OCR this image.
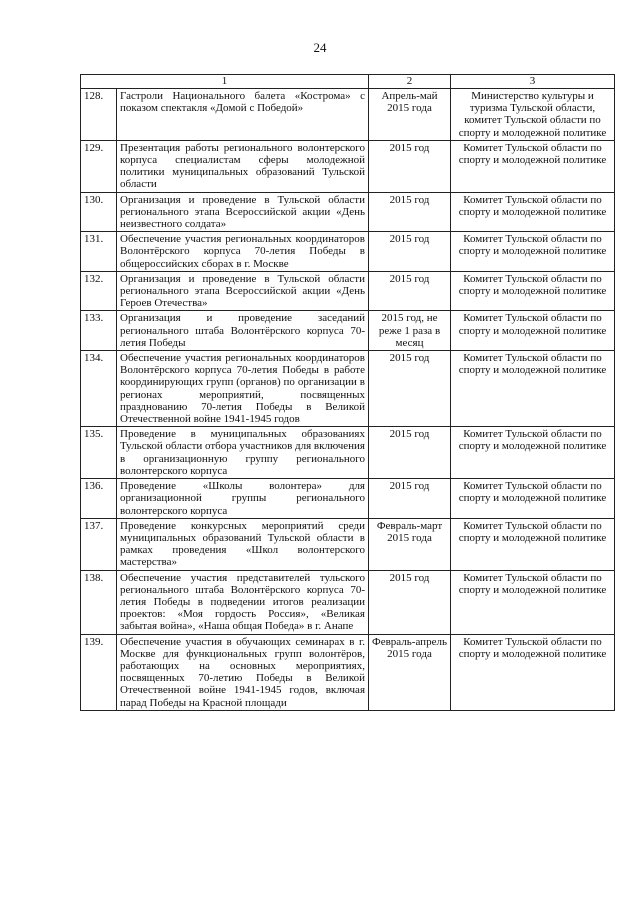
24
1		2	3
128.	Гастроли Национального балета «Кострома» с показом спектакля «Домой с Победой»	Апрель-май 2015 года	Министерство культуры и туризма Тульской области, комитет Тульской области по спорту и молодежной политике
129.	Презентация работы регионального волонтерского корпуса специалистам сферы молодежной политики муниципальных образований Тульской области	2015 год	Комитет Тульской области по спорту и молодежной политике
130.	Организация и проведение в Тульской области регионального этапа Всероссийской акции «День неизвестного солдата»	2015 год	Комитет Тульской области по спорту и молодежной политике
131.	Обеспечение участия региональных координаторов Волонтёрского корпуса 70-летия Победы в общероссийских сборах в г. Москве	2015 год	Комитет Тульской области по спорту и молодежной политике
132.	Организация и проведение в Тульской области регионального этапа Всероссийской акции «День Героев Отечества»	2015 год	Комитет Тульской области по спорту и молодежной политике
133.	Организация и проведение заседаний регионального штаба Волонтёрского корпуса 70-летия Победы	2015 год, не реже 1 раза в месяц	Комитет Тульской области по спорту и молодежной политике
134.	Обеспечение участия региональных координаторов Волонтёрского корпуса 70-летия Победы в работе координирующих групп (органов) по организации в регионах мероприятий, посвященных празднованию 70-летия Победы в Великой Отечественной войне 1941-1945 годов	2015 год	Комитет Тульской области по спорту и молодежной политике
135.	Проведение в муниципальных образованиях Тульской области отбора участников для включения в организационную группу регионального волонтерского корпуса	2015 год	Комитет Тульской области по спорту и молодежной политике
136.	Проведение «Школы волонтера» для организационной группы регионального волонтерского корпуса	2015 год	Комитет Тульской области по спорту и молодежной политике
137.	Проведение конкурсных мероприятий среди муниципальных образований Тульской области в рамках проведения «Школ волонтерского мастерства»	Февраль-март 2015 года	Комитет Тульской области по спорту и молодежной политике
138.	Обеспечение участия представителей тульского регионального штаба Волонтёрского корпуса 70-летия Победы в подведении итогов реализации проектов: «Моя гордость Россия», «Великая забытая война», «Наша общая Победа» в г. Анапе	2015 год	Комитет Тульской области по спорту и молодежной политике
139.	Обеспечение участия в обучающих семинарах в г. Москве для функциональных групп волонтёров, работающих на основных мероприятиях, посвященных 70-летию Победы в Великой Отечественной войне 1941-1945 годов, включая парад Победы на Красной площади	Февраль-апрель 2015 года	Комитет Тульской области по спорту и молодежной политике
